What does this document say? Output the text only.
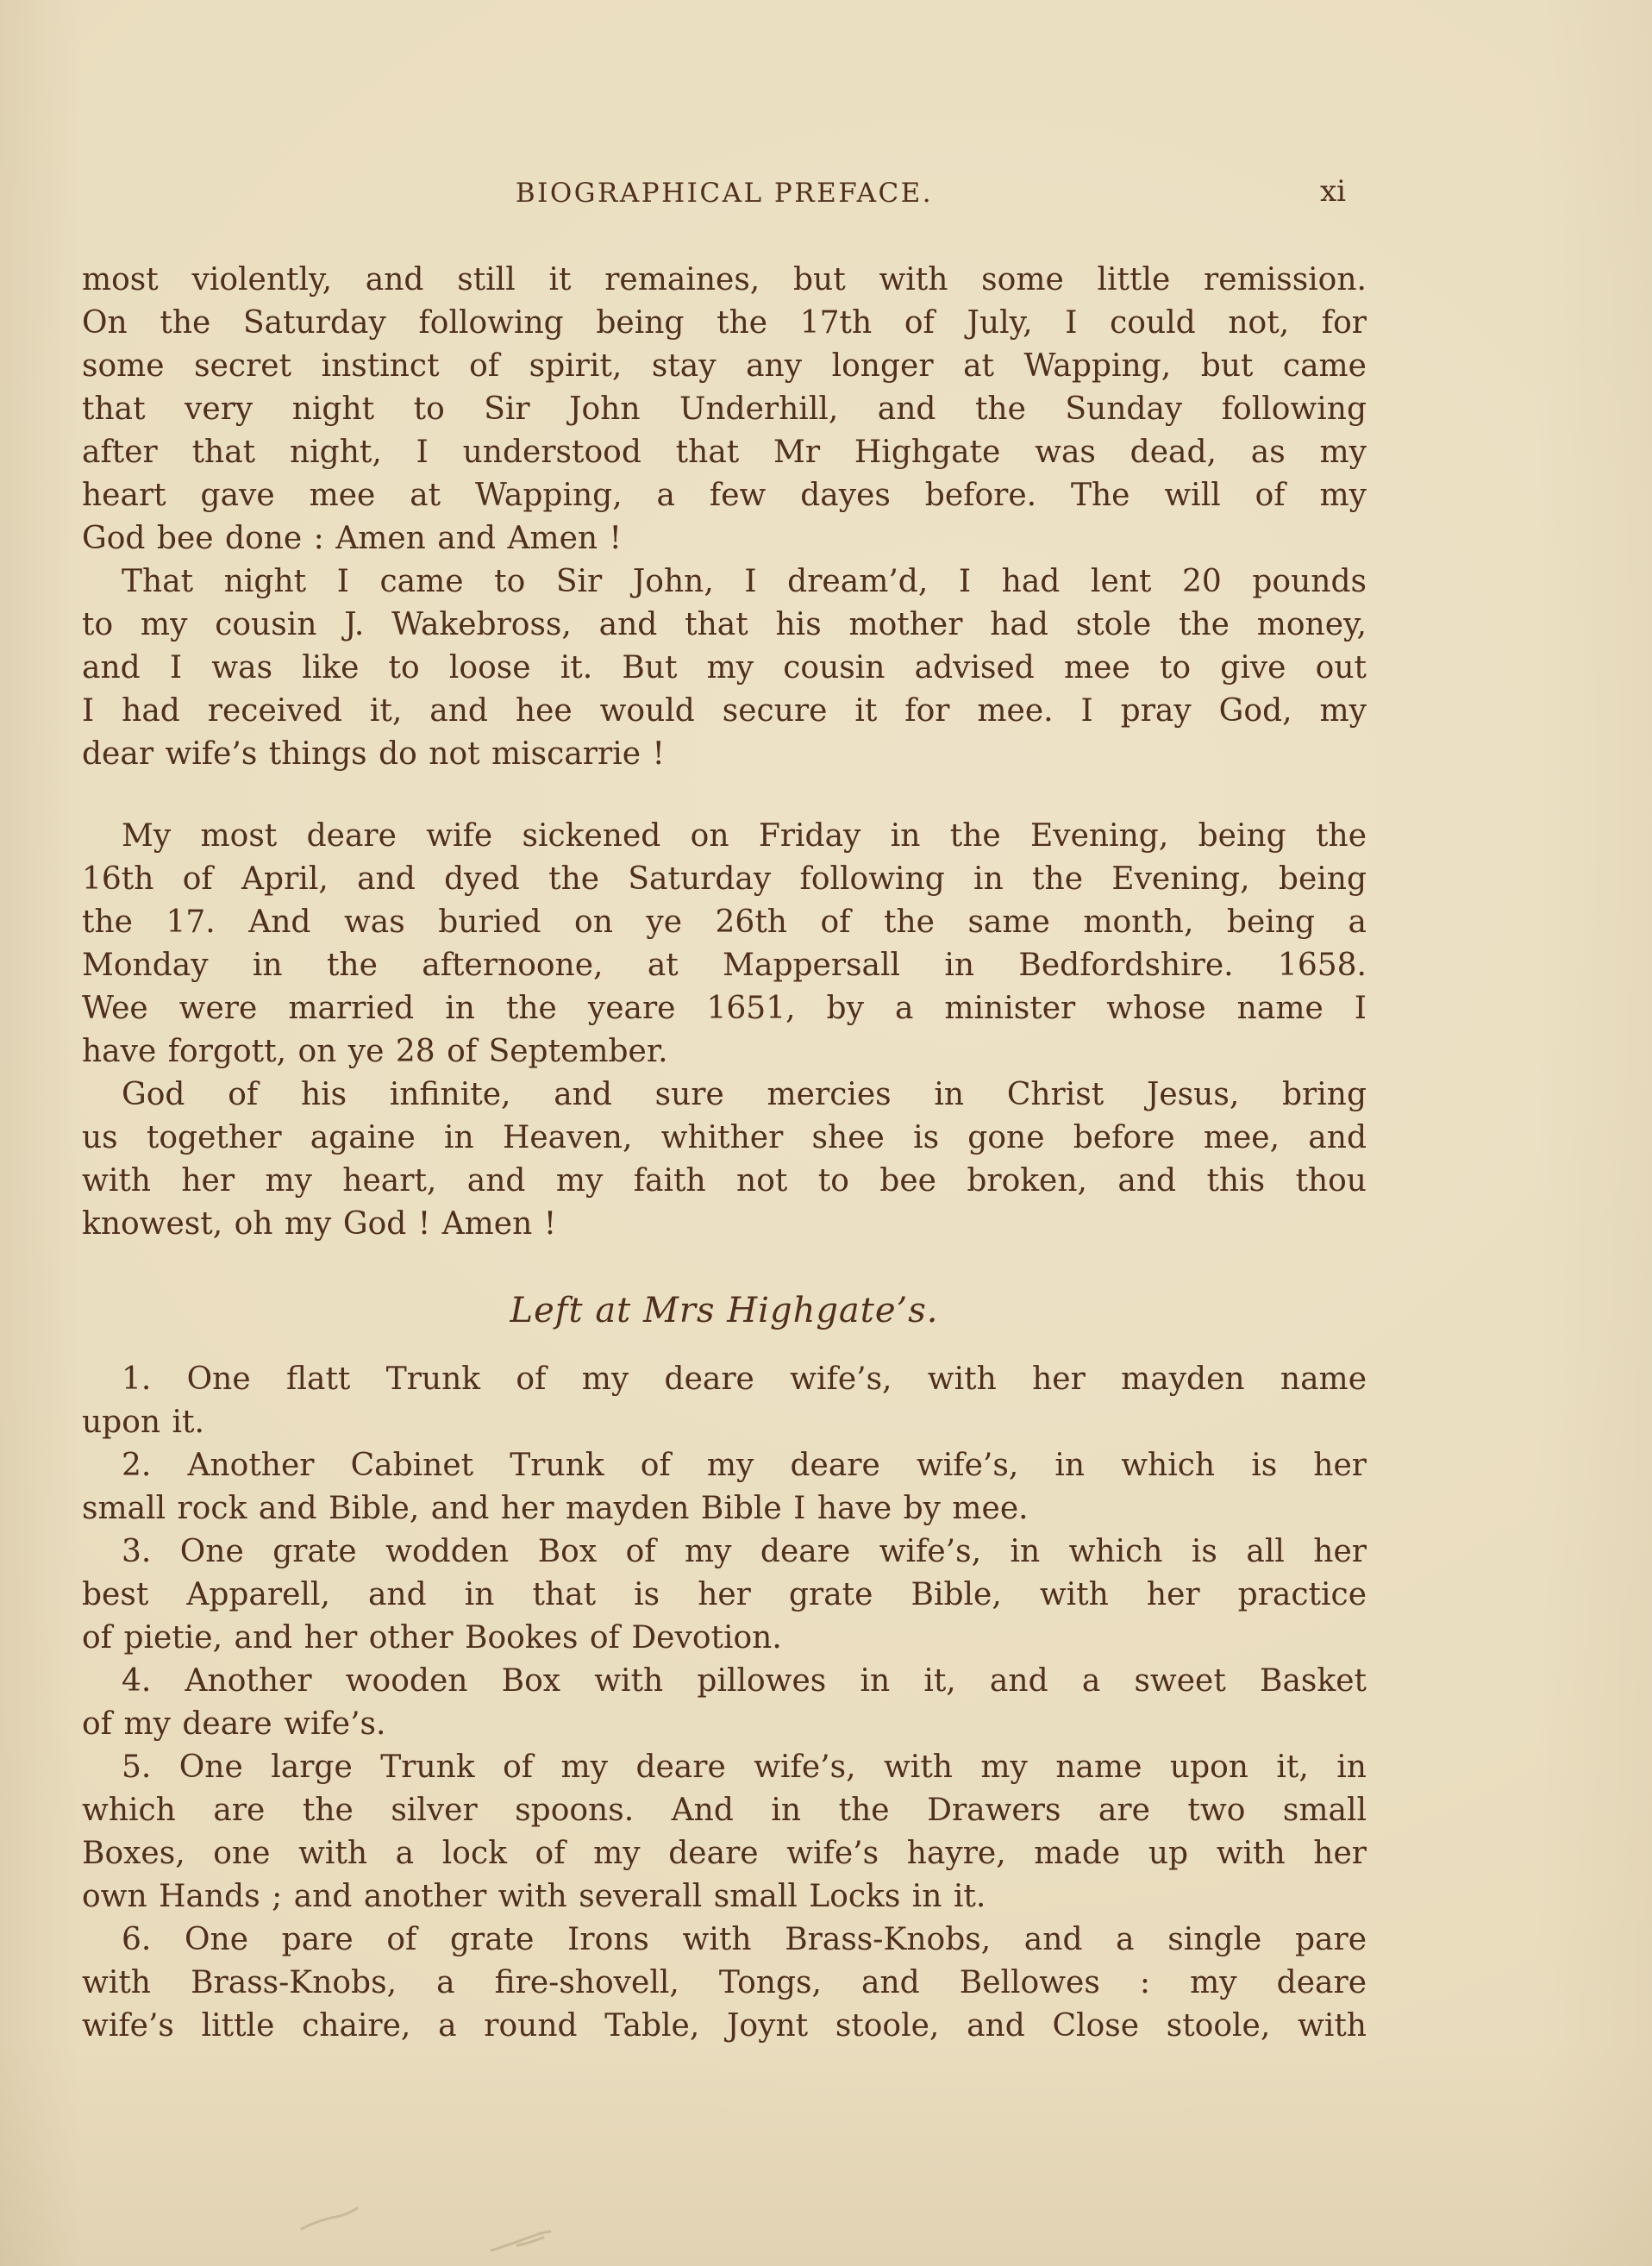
BIOGRAPHICAL PREFACE.	xi
most violently, and still it remaines, but with some little remission.
On the Saturday following being the 17th of July, I could not, for
some secret instinct of spirit, stay any longer at Wapping, but came
that very night to Sir John Underhill, and the Sunday following
after that night, I understood that Mr Highgate was dead, as my
heart gave mee at Wapping, a few dayes before. The will of my
God bee done : Amen and Amen !
That night I came to Sir John, I dream’d, I had lent 20 pounds
to my cousin J. Wakebross, and that his mother had stole the money,
and I was like to loose it. But my cousin advised mee to give out
I had received it, and hee would secure it for mee. I pray God, my
dear wife’s things do not miscarrie !
My most deare wife sickened on Friday in the Evening, being the
16th of April, and dyed the Saturday following in the Evening, being
the 17. And was buried on ye 26th of the same month, being a
Monday in the afternoone, at Mappersall in Bedfordshire. 1658.
Wee were married in the yeare 1651, by a minister whose name I
have forgott, on ye 28 of September.
God of his infinite, and sure mercies in Christ Jesus, bring
us together againe in Heaven, whither shee is gone before mee, and
with her my heart, and my faith not to bee broken, and this thou
knowest, oh my God ! Amen !
Left at Mrs Highgate’s.
1. One flatt Trunk of my deare wife’s, with her mayden name
upon it.
2. Another Cabinet Trunk of my deare wife’s, in which is her
small rock and Bible, and her mayden Bible I have by mee.
3. One grate wodden Box of my deare wife’s, in which is all her
best Apparell, and in that is her grate Bible, with her practice
of pietie, and her other Bookes of Devotion.
4. Another wooden Box with pillowes in it, and a sweet Basket
of my deare wife’s.
5. One large Trunk of my deare wife’s, with my name upon it, in
which are the silver spoons. And in the Drawers are two small
Boxes, one with a lock of my deare wife’s hayre, made up with her
own Hands ; and another with severall small Locks in it.
6. One pare of grate Irons with Brass-Knobs, and a single pare
with Brass-Knobs, a fire-shovell, Tongs, and Bellowes : my deare
wife’s little chaire, a round Table, Joynt stoole, and Close stoole, with
